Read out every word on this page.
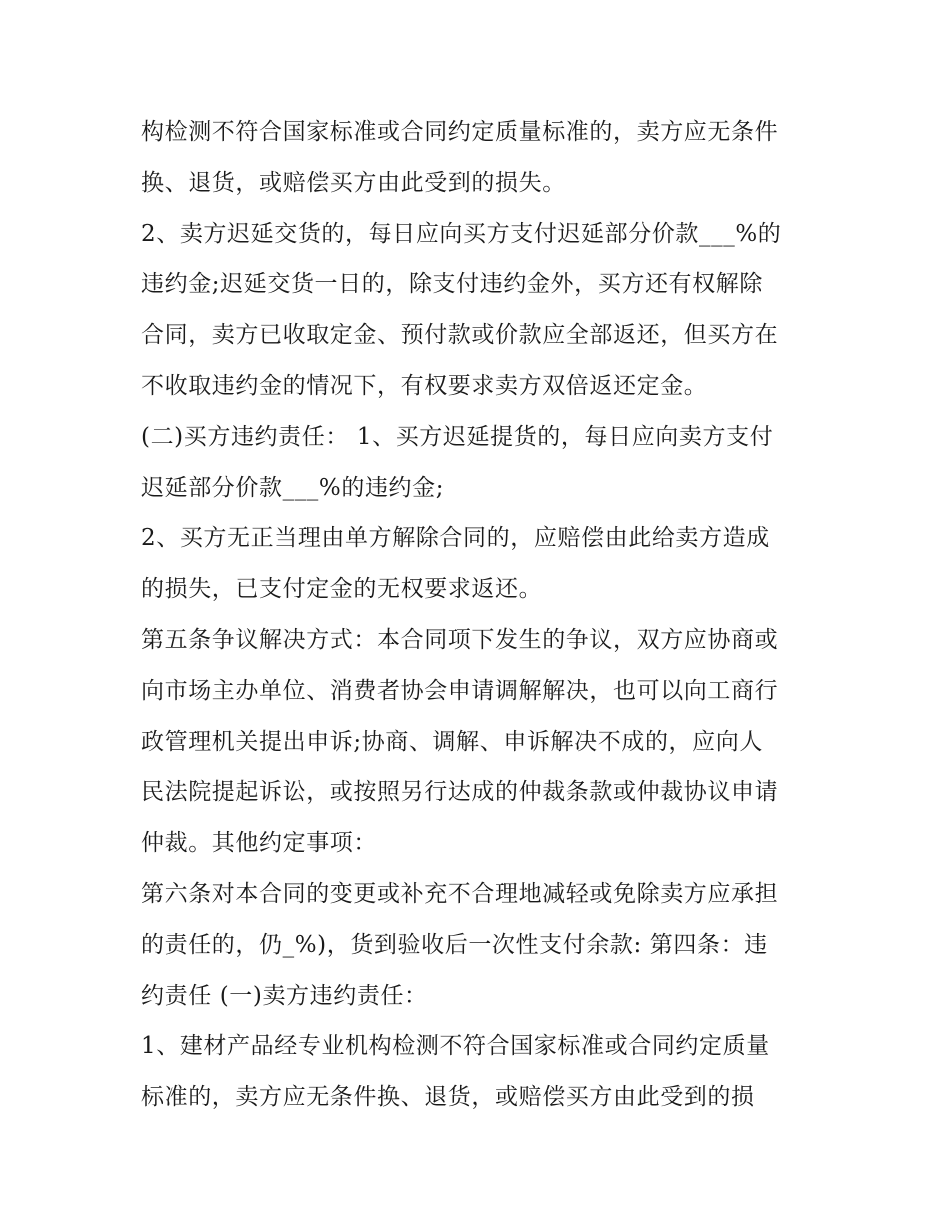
构检测不符合国家标准或合同约定质量标准的，卖方应无条件
换、退货，或赔偿买方由此受到的损失。
2、卖方迟延交货的，每日应向买方支付迟延部分价款___%的
违约金;迟延交货一日的，除支付违约金外，买方还有权解除
合同，卖方已收取定金、预付款或价款应全部返还，但买方在
不收取违约金的情况下，有权要求卖方双倍返还定金。
(二)买方违约责任： 1、买方迟延提货的，每日应向卖方支付
迟延部分价款___%的违约金;
2、买方无正当理由单方解除合同的，应赔偿由此给卖方造成
的损失，已支付定金的无权要求返还。
第五条争议解决方式：本合同项下发生的争议，双方应协商或
向市场主办单位、消费者协会申请调解解决，也可以向工商行
政管理机关提出申诉;协商、调解、申诉解决不成的，应向人
民法院提起诉讼，或按照另行达成的仲裁条款或仲裁协议申请
仲裁。其他约定事项：
第六条对本合同的变更或补充不合理地减轻或免除卖方应承担
的责任的，仍_%)，货到验收后一次性支付余款: 第四条：违
约责任 (一)卖方违约责任：
1、建材产品经专业机构检测不符合国家标准或合同约定质量
标准的，卖方应无条件换、退货，或赔偿买方由此受到的损
